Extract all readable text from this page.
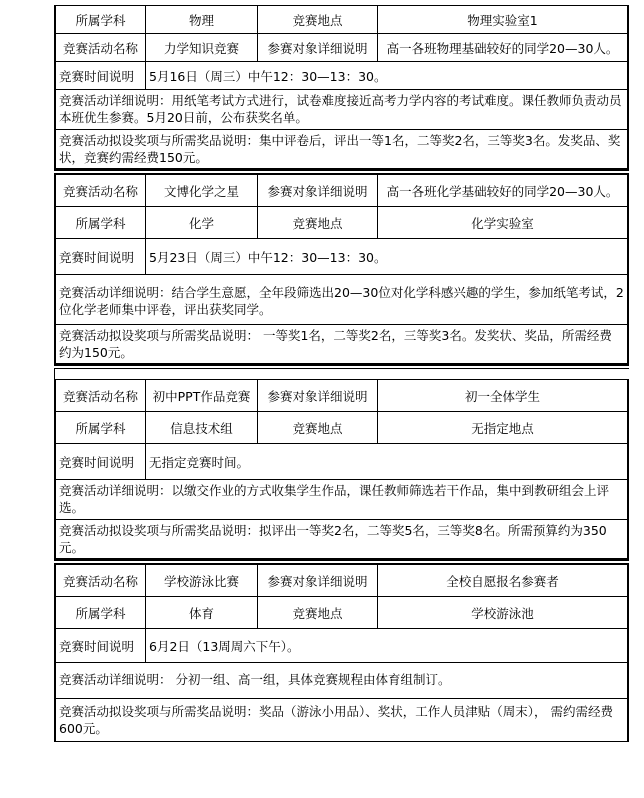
所属学科	物理	竞赛地点	物理实验室1
竞赛活动名称	力学知识竞赛	参赛对象详细说明	高一各班物理基础较好的同学20—30人。
竞赛时间说明	5月16日（周三）中午12：30—13：30。
竞赛活动详细说明：用纸笔考试方式进行，试卷难度接近高考力学内容的考试难度。课任教师负责动员本班优生参赛。5月20日前，公布获奖名单。
竞赛活动拟设奖项与所需奖品说明：集中评卷后，评出一等1名，二等奖2名，三等奖3名。发奖品、奖状，竞赛约需经费150元。
竞赛活动名称	文博化学之星	参赛对象详细说明	高一各班化学基础较好的同学20—30人。
所属学科	化学	竞赛地点	化学实验室
竞赛时间说明	5月23日（周三）中午12：30—13：30。
竞赛活动详细说明：结合学生意愿，全年段筛选出20—30位对化学科感兴趣的学生，参加纸笔考试，2位化学老师集中评卷，评出获奖同学。
竞赛活动拟设奖项与所需奖品说明： 一等奖1名，二等奖2名，三等奖3名。发奖状、奖品，所需经费约为150元。
竞赛活动名称	初中PPT作品竞赛	参赛对象详细说明	初一全体学生
所属学科	信息技术组	竞赛地点	无指定地点
竞赛时间说明	无指定竞赛时间。
竞赛活动详细说明：以缴交作业的方式收集学生作品，课任教师筛选若干作品，集中到教研组会上评选。
竞赛活动拟设奖项与所需奖品说明：拟评出一等奖2名，二等奖5名，三等奖8名。所需预算约为350元。
竞赛活动名称	学校游泳比赛	参赛对象详细说明	全校自愿报名参赛者
所属学科	体育	竞赛地点	学校游泳池
竞赛时间说明	6月2日（13周周六下午）。
竞赛活动详细说明： 分初一组、高一组，具体竞赛规程由体育组制订。
竞赛活动拟设奖项与所需奖品说明：奖品（游泳小用品）、奖状，工作人员津贴（周末）， 需约需经费600元。
